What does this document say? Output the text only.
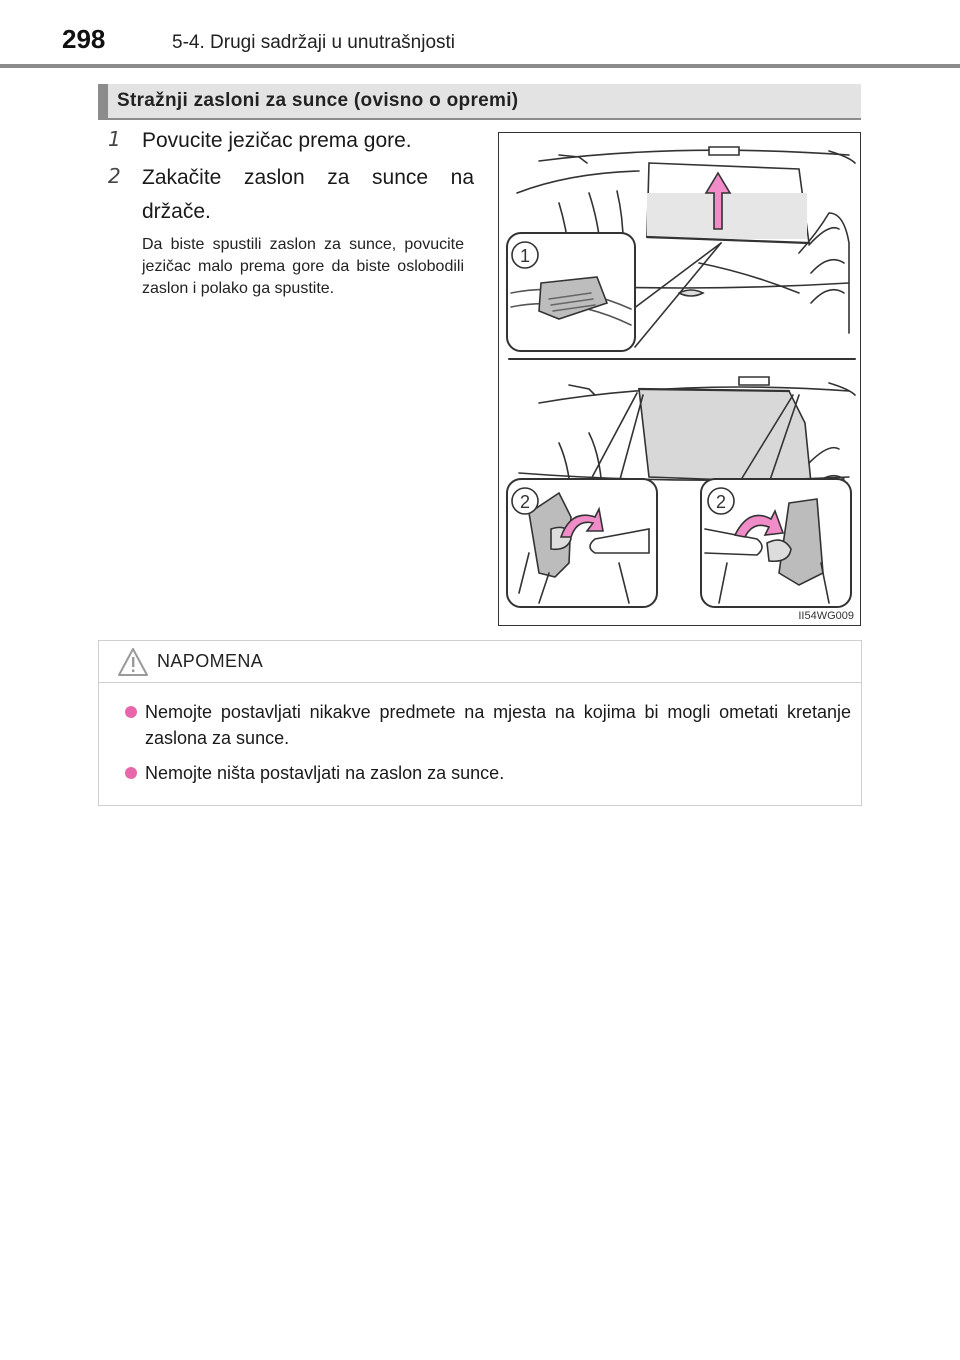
298	5-4. Drugi sadržaji u unutrašnjosti
Stražnji zasloni za sunce (ovisno o opremi)
1	Povucite jezičac prema gore.
2	Zakačite zaslon za sunce na držače.
Da biste spustili zaslon za sunce, povucite jezičac malo prema gore da biste oslobodili zaslon i polako ga spustite.
1
2	2
II54WG009
NAPOMENA
Nemojte postavljati nikakve predmete na mjesta na kojima bi mogli ometati kretanje zaslona za sunce.
Nemojte ništa postavljati na zaslon za sunce.
